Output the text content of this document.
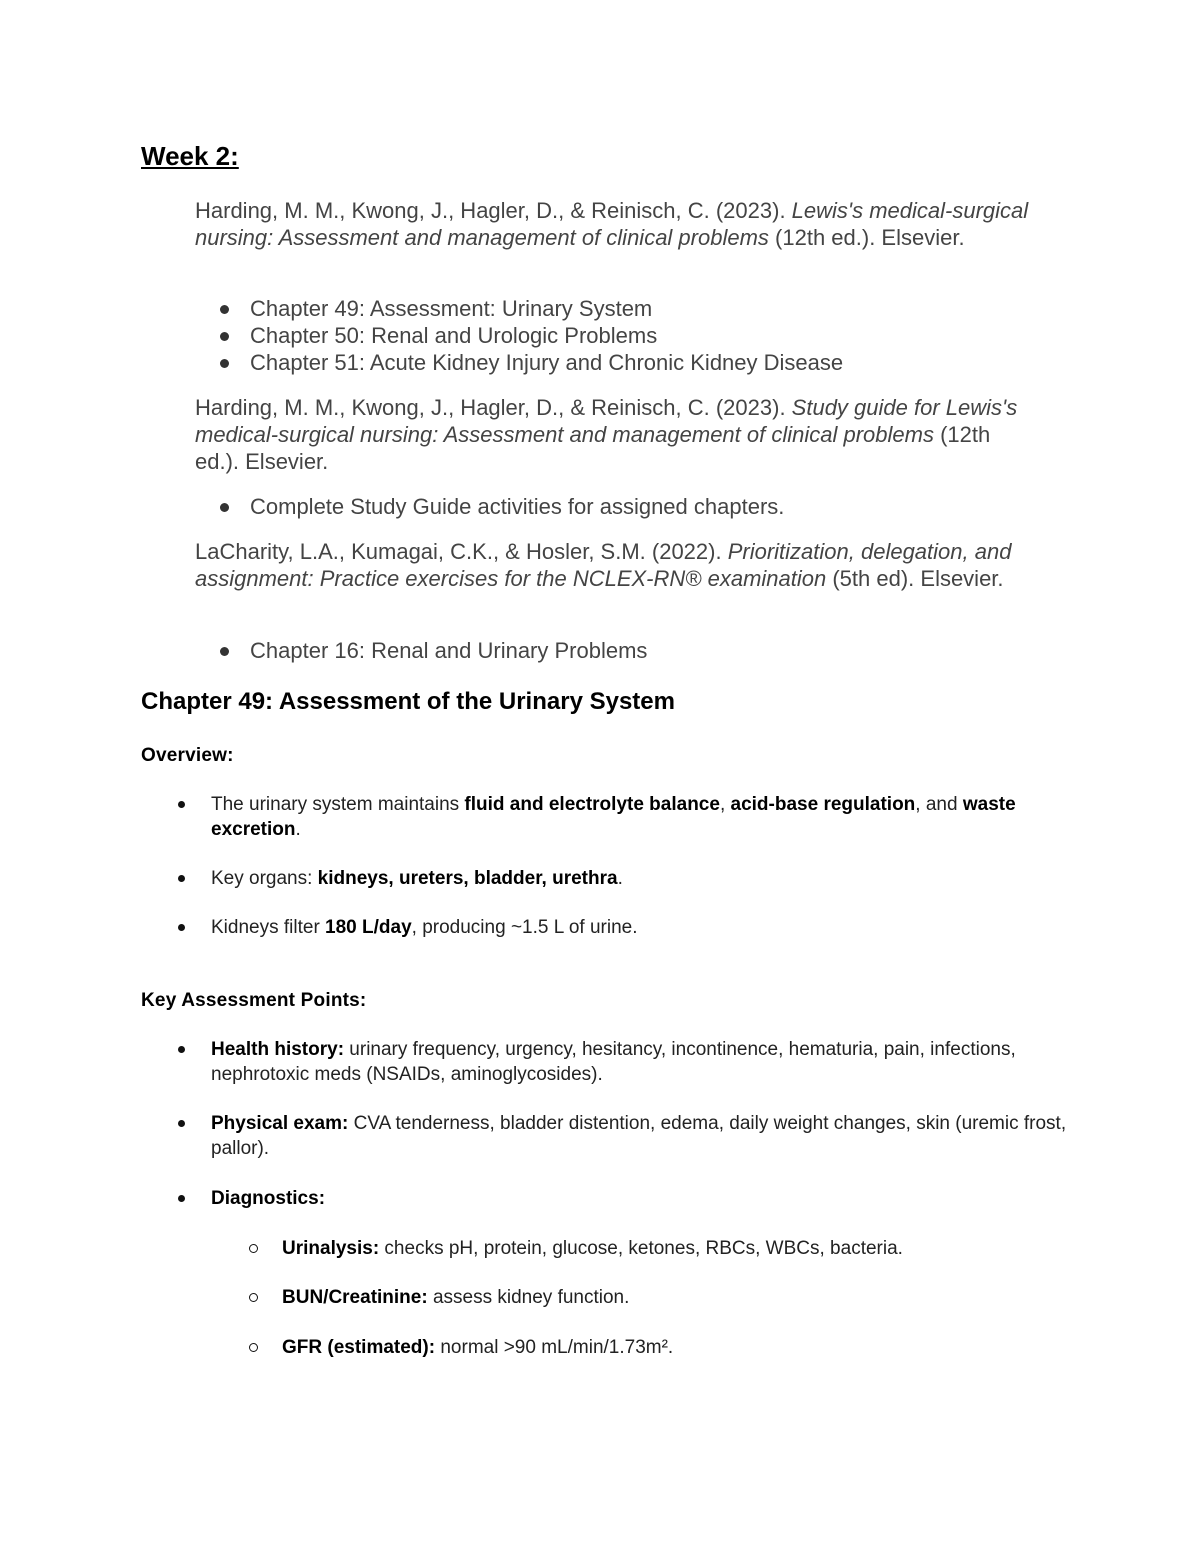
Week 2:

Harding, M. M., Kwong, J., Hagler, D., & Reinisch, C. (2023). Lewis's medical-surgical nursing: Assessment and management of clinical problems (12th ed.). Elsevier.

Chapter 49: Assessment: Urinary System
Chapter 50: Renal and Urologic Problems
Chapter 51: Acute Kidney Injury and Chronic Kidney Disease

Harding, M. M., Kwong, J., Hagler, D., & Reinisch, C. (2023). Study guide for Lewis's medical-surgical nursing: Assessment and management of clinical problems (12th ed.). Elsevier.

Complete Study Guide activities for assigned chapters.

LaCharity, L.A., Kumagai, C.K., & Hosler, S.M. (2022). Prioritization, delegation, and assignment: Practice exercises for the NCLEX-RN® examination (5th ed). Elsevier.

Chapter 16: Renal and Urinary Problems
Chapter 49: Assessment of the Urinary System

Overview:

The urinary system maintains fluid and electrolyte balance, acid-base regulation, and waste excretion.
Key organs: kidneys, ureters, bladder, urethra.
Kidneys filter 180 L/day, producing ~1.5 L of urine.

Key Assessment Points:

Health history: urinary frequency, urgency, hesitancy, incontinence, hematuria, pain, infections, nephrotoxic meds (NSAIDs, aminoglycosides).
Physical exam: CVA tenderness, bladder distention, edema, daily weight changes, skin (uremic frost, pallor).
Diagnostics:
Urinalysis: checks pH, protein, glucose, ketones, RBCs, WBCs, bacteria.
BUN/Creatinine: assess kidney function.
GFR (estimated): normal >90 mL/min/1.73m².
